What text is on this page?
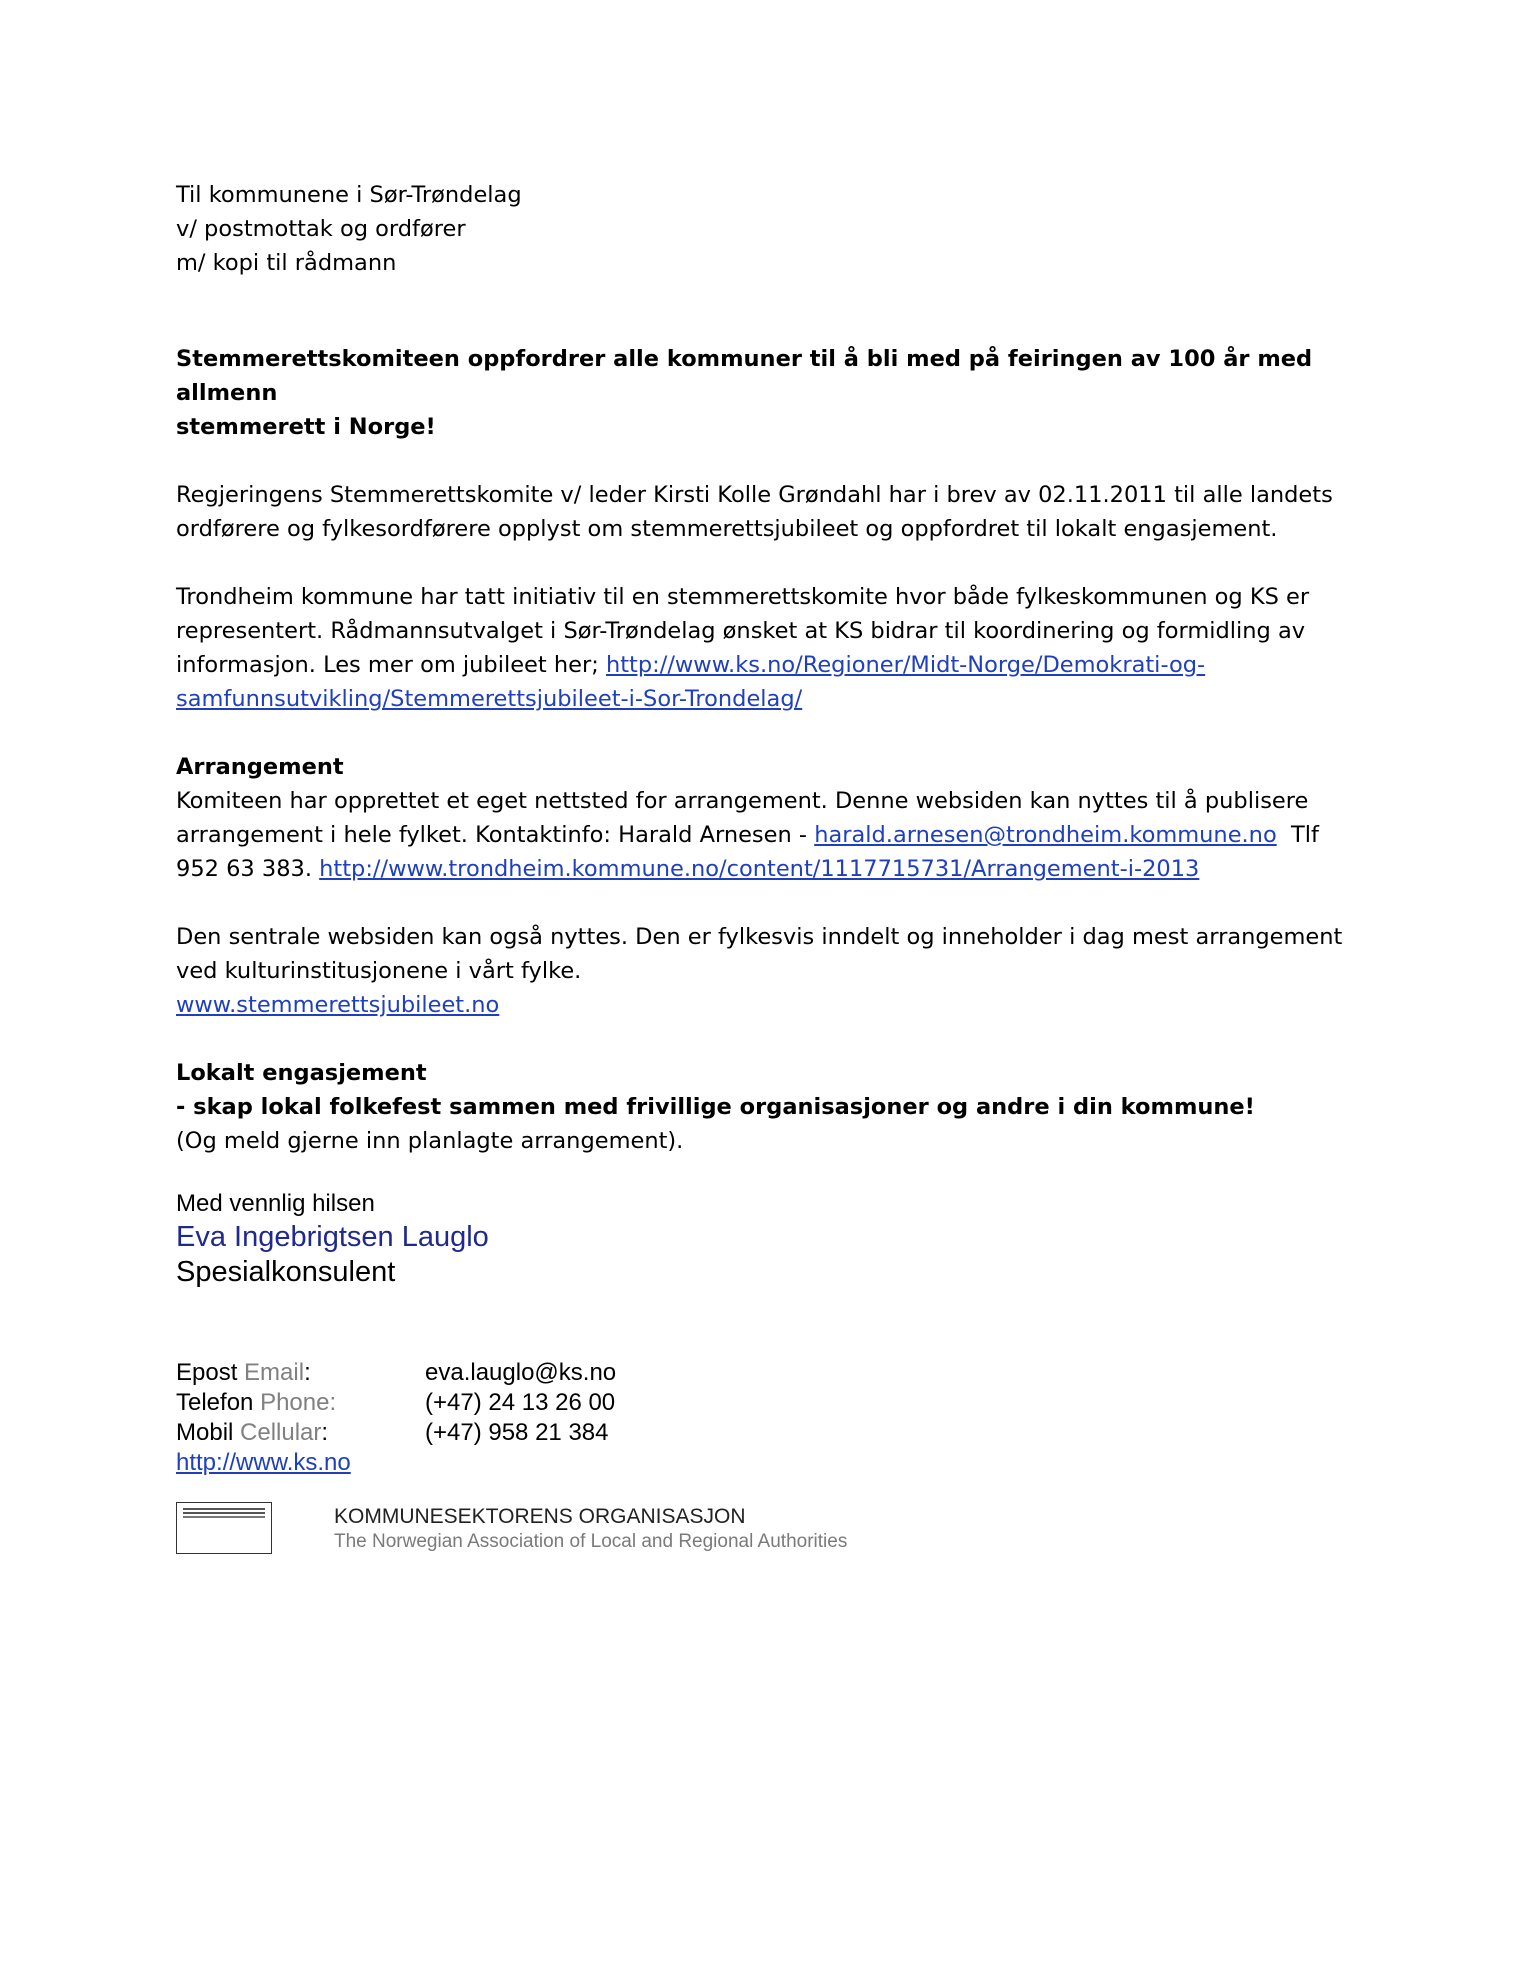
Til kommunene i Sør-Trøndelag

v/ postmottak og ordfører

m/ kopi til rådmann

Stemmerettskomiteen oppfordrer alle kommuner til å bli med på feiringen av 100 år med allmenn

stemmerett i Norge!

Regjeringens Stemmerettskomite v/ leder Kirsti Kolle Grøndahl har i brev av 02.11.2011 til alle landets

ordførere og fylkesordførere opplyst om stemmerettsjubileet og oppfordret til lokalt engasjement.

Trondheim kommune har tatt initiativ til en stemmerettskomite hvor både fylkeskommunen og KS er

representert. Rådmannsutvalget i Sør-Trøndelag ønsket at KS bidrar til koordinering og formidling av

informasjon. Les mer om jubileet her; http://www.ks.no/Regioner/Midt-Norge/Demokrati-og-

samfunnsutvikling/Stemmerettsjubileet-i-Sor-Trondelag/

Arrangement

Komiteen har opprettet et eget nettsted for arrangement. Denne websiden kan nyttes til å publisere

arrangement i hele fylket. Kontaktinfo: Harald Arnesen - harald.arnesen@trondheim.kommune.no  Tlf

952 63 383. http://www.trondheim.kommune.no/content/1117715731/Arrangement-i-2013

Den sentrale websiden kan også nyttes. Den er fylkesvis inndelt og inneholder i dag mest arrangement

ved kulturinstitusjonene i vårt fylke.

www.stemmerettsjubileet.no

Lokalt engasjement

- skap lokal folkefest sammen med frivillige organisasjoner og andre i din kommune!

(Og meld gjerne inn planlagte arrangement).

Med vennlig hilsen
Eva Ingebrigtsen Lauglo
Spesialkonsulent
Epost Email:	eva.lauglo@ks.no
Telefon Phone:	(+47) 24 13 26 00
Mobil Cellular:	(+47) 958 21 384
http://www.ks.no	
KOMMUNESEKTORENS ORGANISASJON
The Norwegian Association of Local and Regional Authorities
